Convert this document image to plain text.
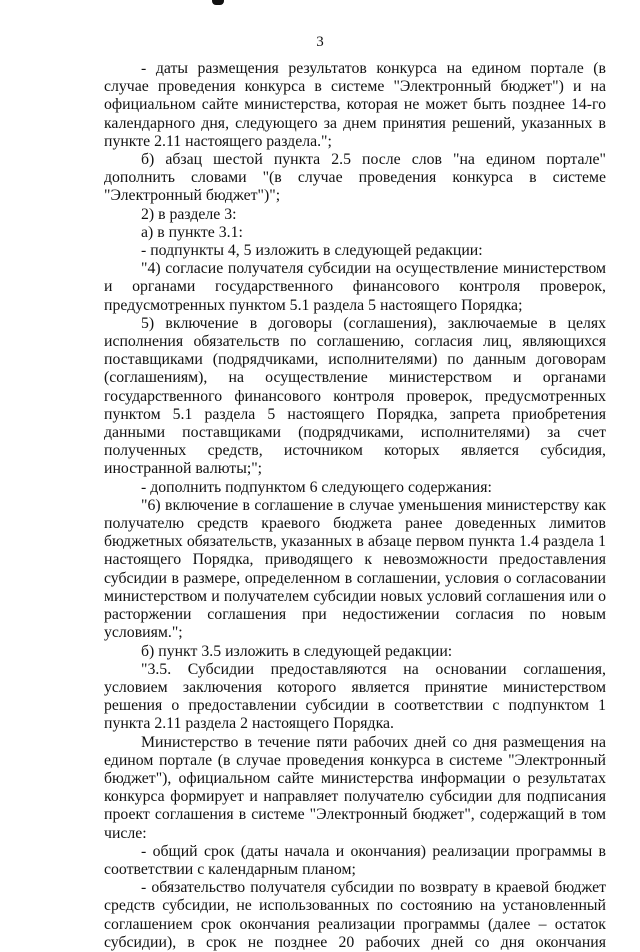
3

- даты размещения результатов конкурса на едином портале (в случае проведения конкурса в системе "Электронный бюджет") и на официальном сайте министерства, которая не может быть позднее 14-го календарного дня, следующего за днем принятия решений, указанных в пункте 2.11 настоящего раздела.";

б) абзац шестой пункта 2.5 после слов "на едином портале" дополнить словами "(в случае проведения конкурса в системе "Электронный бюджет")";

2) в разделе 3:

а) в пункте 3.1:

- подпункты 4, 5 изложить в следующей редакции:

"4) согласие получателя субсидии на осуществление министерством и органами государственного финансового контроля проверок, предусмотренных пунктом 5.1 раздела 5 настоящего Порядка;

5) включение в договоры (соглашения), заключаемые в целях исполнения обязательств по соглашению, согласия лиц, являющихся поставщиками (подрядчиками, исполнителями) по данным договорам (соглашениям), на осуществление министерством и органами государственного финансового контроля проверок, предусмотренных пунктом 5.1 раздела 5 настоящего Порядка, запрета приобретения данными поставщиками (подрядчиками, исполнителями) за счет полученных средств, источником которых является субсидия, иностранной валюты;";

- дополнить подпунктом 6 следующего содержания:

"6) включение в соглашение в случае уменьшения министерству как получателю средств краевого бюджета ранее доведенных лимитов бюджетных обязательств, указанных в абзаце первом пункта 1.4 раздела 1 настоящего Порядка, приводящего к невозможности предоставления субсидии в размере, определенном в соглашении, условия о согласовании министерством и получателем субсидии новых условий соглашения или о расторжении соглашения при недостижении согласия по новым условиям.";

б) пункт 3.5 изложить в следующей редакции:

"3.5. Субсидии предоставляются на основании соглашения, условием заключения которого является принятие министерством решения о предоставлении субсидии в соответствии с подпунктом 1 пункта 2.11 раздела 2 настоящего Порядка.

Министерство в течение пяти рабочих дней со дня размещения на едином портале (в случае проведения конкурса в системе "Электронный бюджет"), официальном сайте министерства информации о результатах конкурса формирует и направляет получателю субсидии для подписания проект соглашения в системе "Электронный бюджет", содержащий в том числе:

- общий срок (даты начала и окончания) реализации программы в соответствии с календарным планом;

- обязательство получателя субсидии по возврату в краевой бюджет средств субсидии, не использованных по состоянию на установленный соглашением срок окончания реализации программы (далее – остаток субсидии), в срок не позднее 20 рабочих дней со дня окончания
